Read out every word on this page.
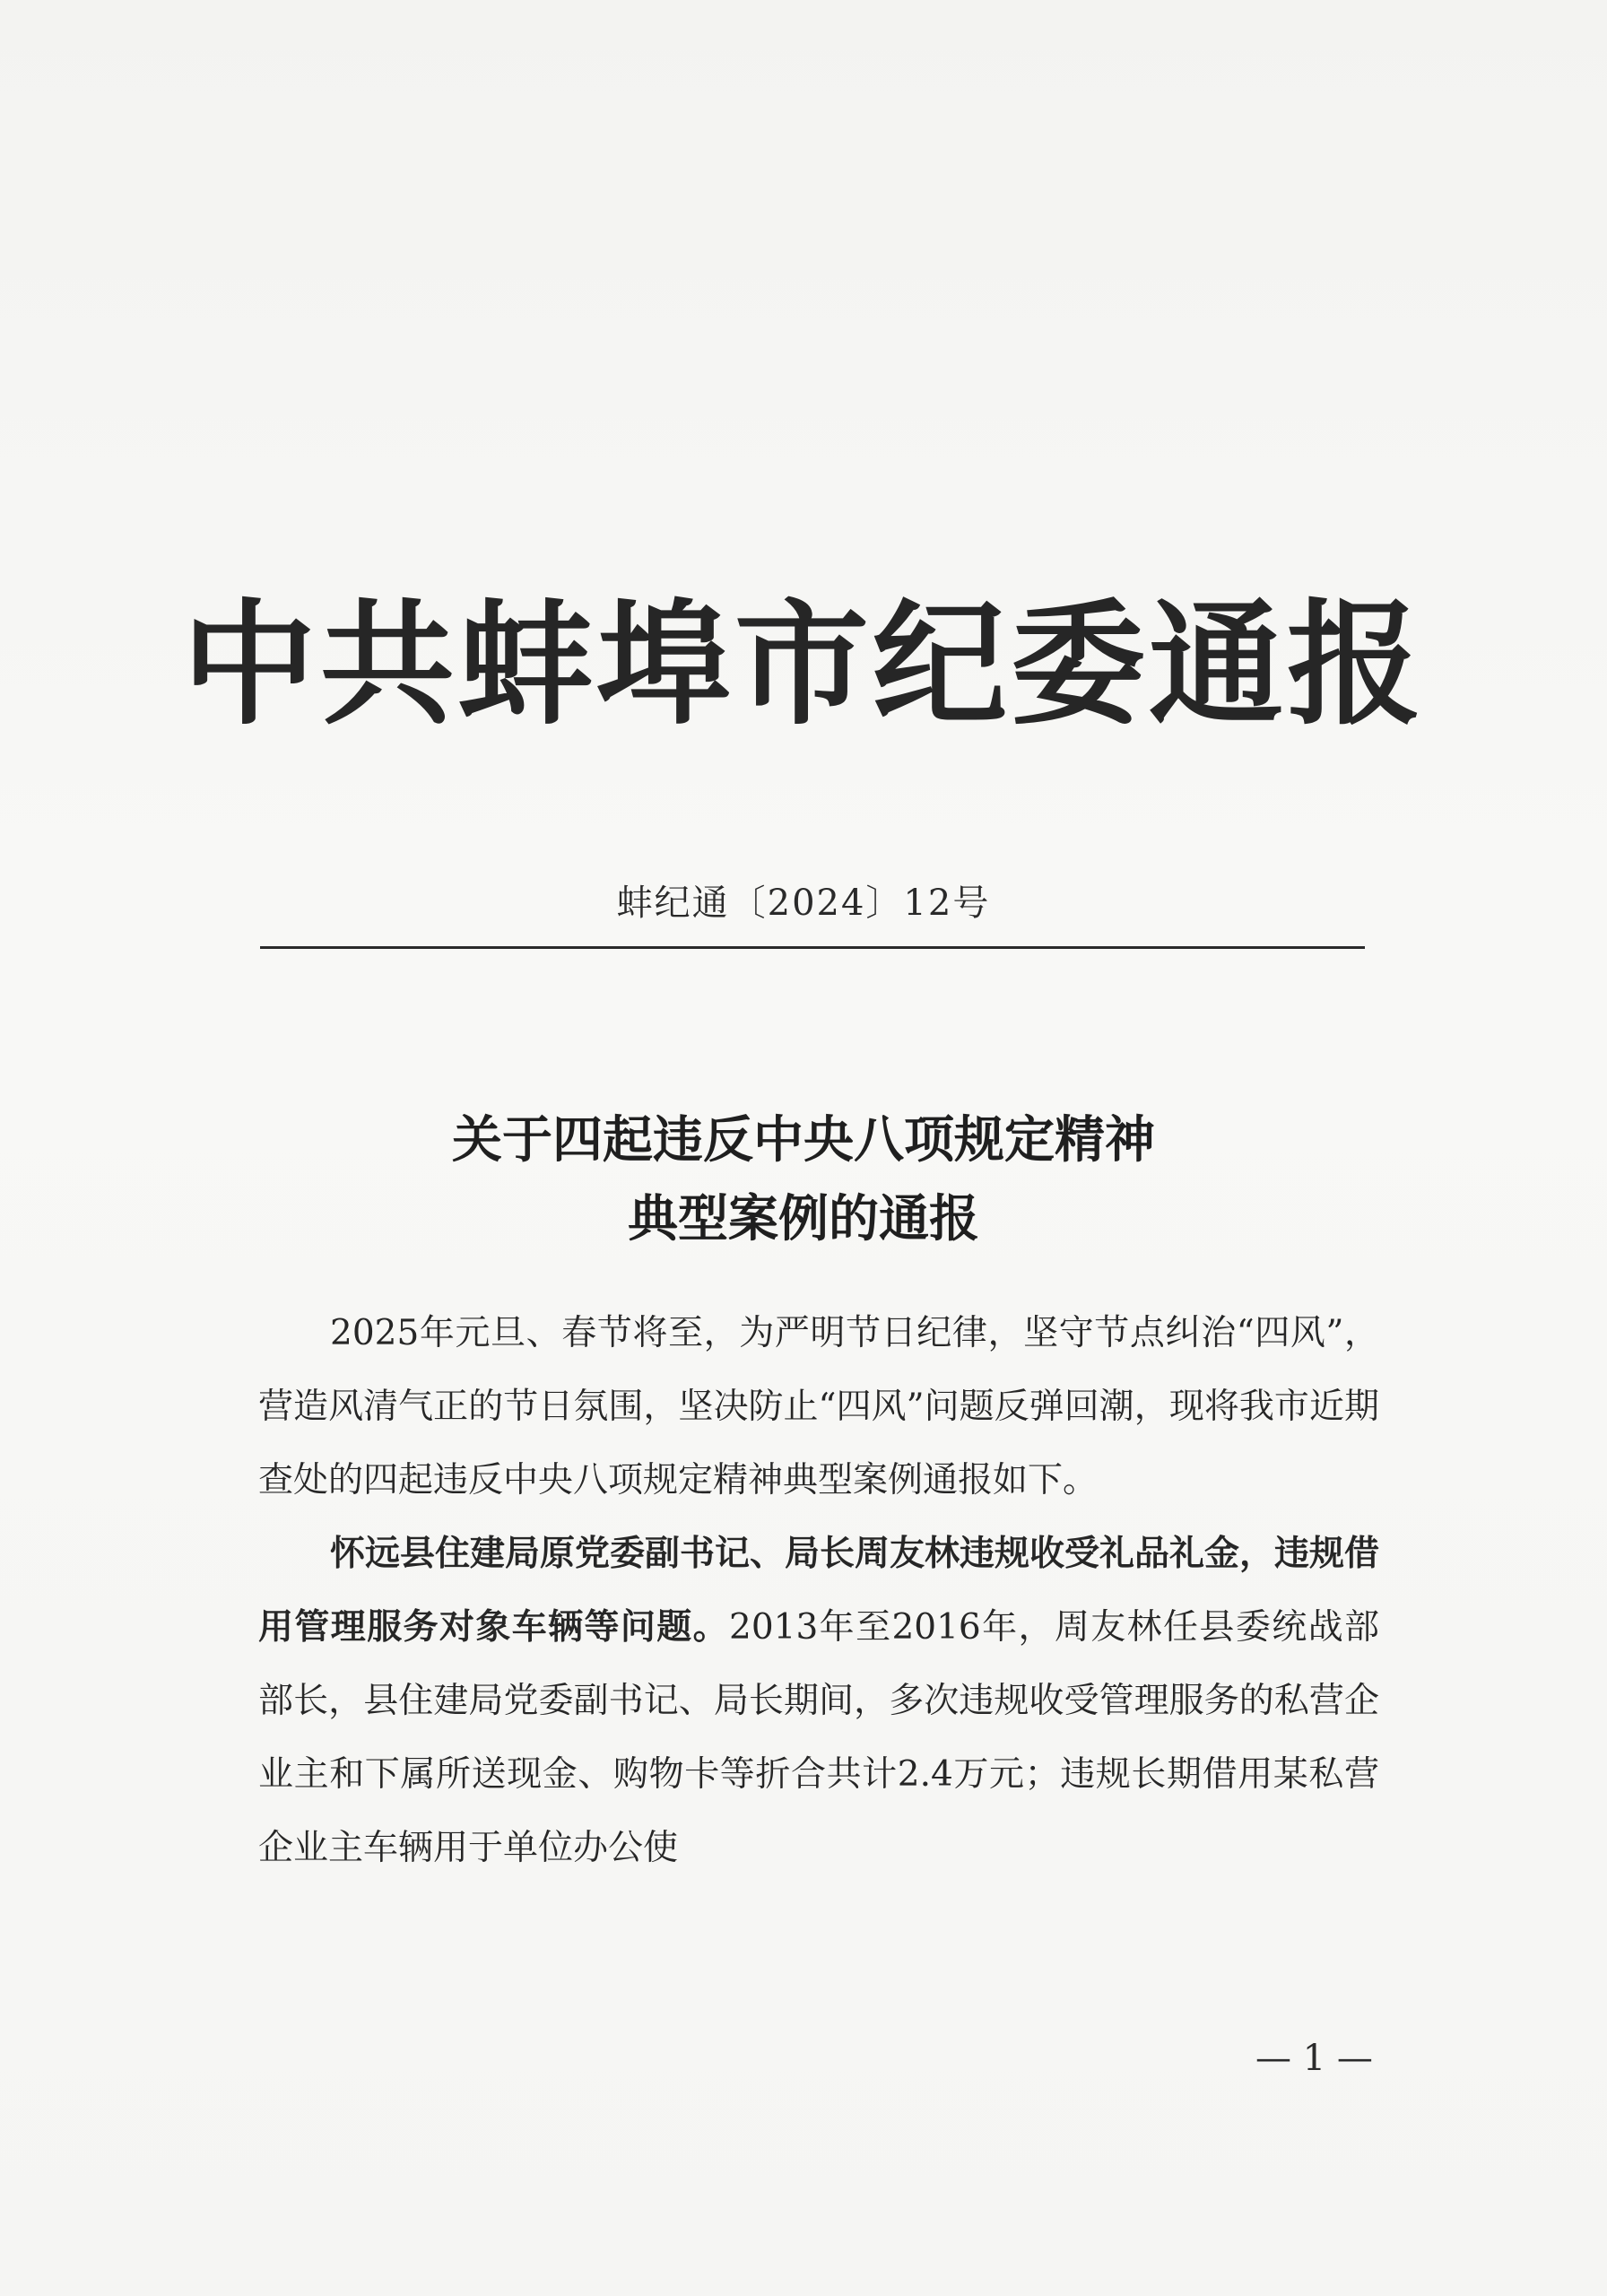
中共蚌埠市纪委通报
蚌纪通〔2024〕12号
关于四起违反中央八项规定精神
典型案例的通报

2025年元旦、春节将至，为严明节日纪律，坚守节点纠治“四风”，营造风清气正的节日氛围，坚决防止“四风”问题反弹回潮，现将我市近期查处的四起违反中央八项规定精神典型案例通报如下。

怀远县住建局原党委副书记、局长周友林违规收受礼品礼金，违规借用管理服务对象车辆等问题。2013年至2016年，周友林任县委统战部部长，县住建局党委副书记、局长期间，多次违规收受管理服务的私营企业主和下属所送现金、购物卡等折合共计2.4万元；违规长期借用某私营企业主车辆用于单位办公使

— 1 —
